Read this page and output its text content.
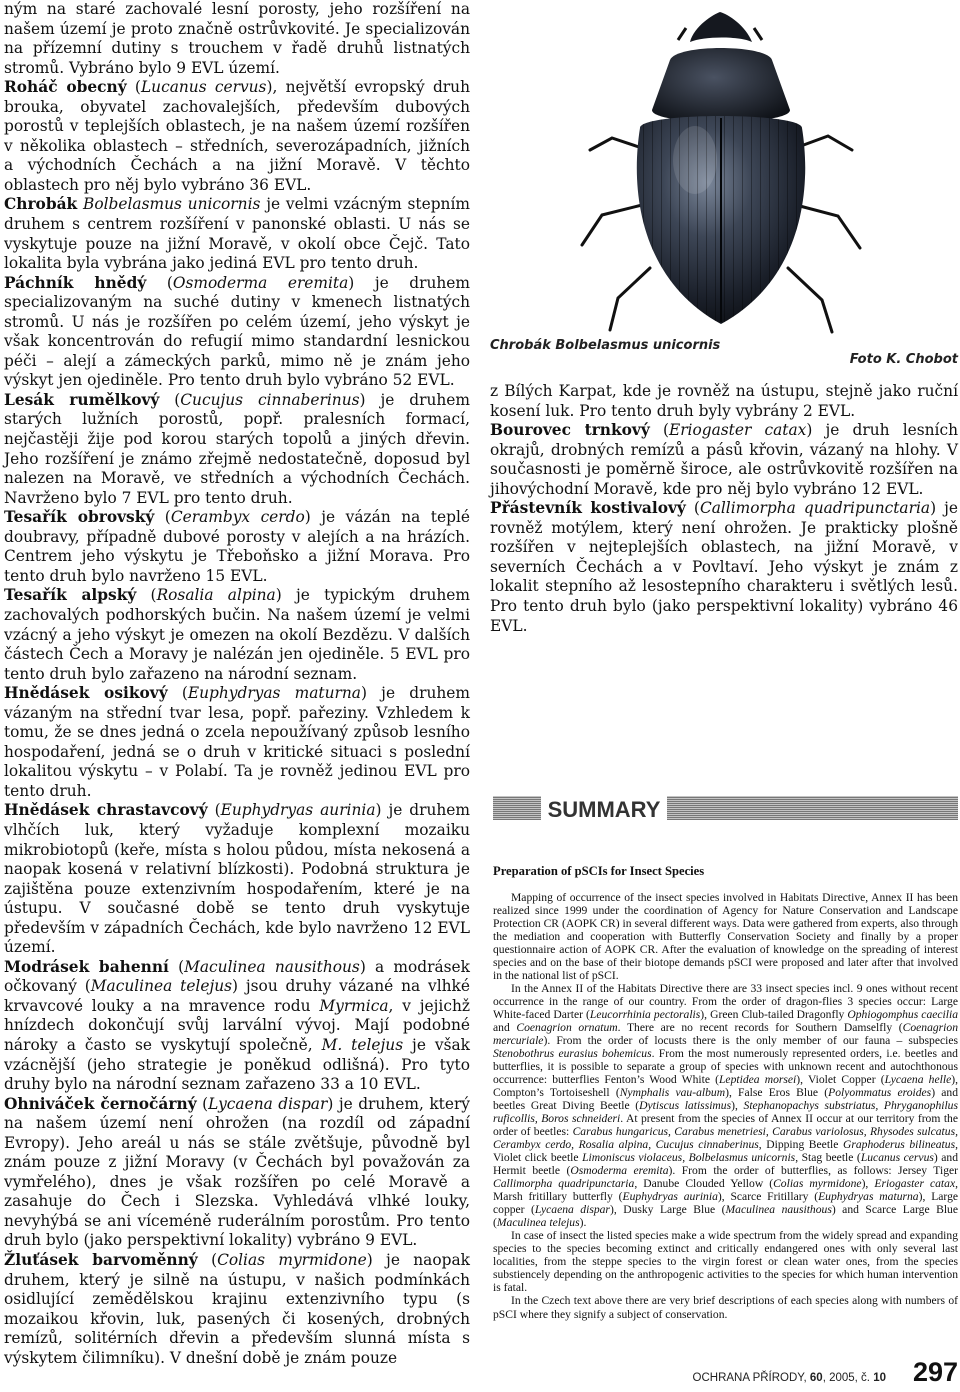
ným na staré zachovalé lesní porosty, jeho rozšíření na našem území je proto značně ostrůvkovité. Je specializován na přízemní dutiny s trouchem v řadě druhů listnatých stromů. Vybráno bylo 9 EVL území.

Roháč obecný (Lucanus cervus), největší evropský druh brouka, obyvatel zachovalejších, především dubových porostů v teplejších oblastech, je na našem území rozšířen v několika oblastech – středních, severozápadních, jižních a východních Čechách a na jižní Moravě. V těchto oblastech pro něj bylo vybráno 36 EVL.

Chrobák Bolbelasmus unicornis je velmi vzácným stepním druhem s centrem rozšíření v panonské oblasti. U nás se vyskytuje pouze na jižní Moravě, v okolí obce Čejč. Tato lokalita byla vybrána jako jediná EVL pro tento druh.

Páchník hnědý (Osmoderma eremita) je druhem specializovaným na suché dutiny v kmenech listnatých stromů. U nás je rozšířen po celém území, jeho výskyt je však koncentrován do refugií mimo standardní lesnickou péči – alejí a zámeckých parků, mimo ně je znám jeho výskyt jen ojediněle. Pro tento druh bylo vybráno 52 EVL.

Lesák rumělkový (Cucujus cinnaberinus) je druhem starých lužních porostů, popř. pralesních formací, nejčastěji žije pod korou starých topolů a jiných dřevin. Jeho rozšíření je známo zřejmě nedostatečně, doposud byl nalezen na Moravě, ve středních a východních Čechách. Navrženo bylo 7 EVL pro tento druh.

Tesařík obrovský (Cerambyx cerdo) je vázán na teplé doubravy, případně dubové porosty v alejích a na hrázích. Centrem jeho výskytu je Třeboňsko a jižní Morava. Pro tento druh bylo navrženo 15 EVL.

Tesařík alpský (Rosalia alpina) je typickým druhem zachovalých podhorských bučin. Na našem území je velmi vzácný a jeho výskyt je omezen na okolí Bezdězu. V dalších částech Čech a Moravy je nalézán jen ojediněle. 5 EVL pro tento druh bylo zařazeno na národní seznam.

Hnědásek osikový (Euphydryas maturna) je druhem vázaným na střední tvar lesa, popř. pařeziny. Vzhledem k tomu, že se dnes jedná o zcela nepoužívaný způsob lesního hospodaření, jedná se o druh v kritické situaci s poslední lokalitou výskytu – v Polabí. Ta je rovněž jedinou EVL pro tento druh.

Hnědásek chrastavcový (Euphydryas aurinia) je druhem vlhčích luk, který vyžaduje komplexní mozaiku mikrobiotopů (keře, místa s holou půdou, místa nekosená a naopak kosená v relativní blízkosti). Podobná struktura je zajištěna pouze extenzivním hospodařením, které je na ústupu. V současné době se tento druh vyskytuje především v západních Čechách, kde bylo navrženo 12 EVL území.

Modrásek bahenní (Maculinea nausithous) a modrásek očkovaný (Maculinea telejus) jsou druhy vázané na vlhké krvavcové louky a na mravence rodu Myrmica, v jejichž hnízdech dokončují svůj larvální vývoj. Mají podobné nároky a často se vyskytují společně, M. telejus je však vzácnější (jeho strategie je poněkud odlišná). Pro tyto druhy bylo na národní seznam zařazeno 33 a 10 EVL.

Ohniváček černočárný (Lycaena dispar) je druhem, který na našem území není ohrožen (na rozdíl od západní Evropy). Jeho areál u nás se stále zvětšuje, původně byl znám pouze z jižní Moravy (v Čechách byl považován za vymřelého), dnes je však rozšířen po celé Moravě a zasahuje do Čech i Slezska. Vyhledává vlhké louky, nevyhýbá se ani víceméně ruderálním porostům. Pro tento druh bylo (jako perspektivní lokality) vybráno 9 EVL.

Žluťásek barvoměnný (Colias myrmidone) je naopak druhem, který je silně na ústupu, v našich podmínkách osidlující zemědělskou krajinu extenzivního typu (s mozaikou křovin, luk, pasených či kosených, drobných remízů, solitérních dřevin a především slunná místa s výskytem čilimníku). V dnešní době je znám pouze

Chrobák Bolbelasmus unicornis
Foto K. Chobot

z Bílých Karpat, kde je rovněž na ústupu, stejně jako ruční kosení luk. Pro tento druh byly vybrány 2 EVL.

Bourovec trnkový (Eriogaster catax) je druh lesních okrajů, drobných remízů a pásů křovin, vázaný na hlohy. V současnosti je poměrně široce, ale ostrůvkovitě rozšířen na jihovýchodní Moravě, kde pro něj bylo vybráno 12 EVL.

Přástevník kostivalový (Callimorpha quadripunctaria) je rovněž motýlem, který není ohrožen. Je prakticky plošně rozšířen v nejteplejších oblastech, na jižní Moravě, v severních Čechách a v Povltaví. Jeho výskyt je znám z lokalit stepního až lesostepního charakteru i světlých lesů. Pro tento druh bylo (jako perspektivní lokality) vybráno 46 EVL.

SUMMARY
Preparation of pSCIs for Insect Species

Mapping of occurrence of the insect species involved in Habitats Directive, Annex II has been realized since 1999 under the coordination of Agency for Nature Conservation and Landscape Protection CR (AOPK CR) in several different ways. Data were gathered from experts, also through the mediation and cooperation with Butterfly Conservation Society and finally by a proper questionnaire action of AOPK CR. After the evaluation of knowledge on the spreading of interest species and on the base of their biotope demands pSCI were proposed and later after that involved in the national list of pSCI.

In the Annex II of the Habitats Directive there are 33 insect species incl. 9 ones without recent occurrence in the range of our country. From the order of dragon-flies 3 species occur: Large White-faced Darter (Leucorrhinia pectoralis), Green Club-tailed Dragonfly Ophiogomphus caecilia and Coenagrion ornatum. There are no recent records for Southern Damselfly (Coenagrion mercuriale). From the order of locusts there is the only member of our fauna – subspecies Stenobothrus eurasius bohemicus. From the most numerously represented orders, i.e. beetles and butterflies, it is possible to separate a group of species with unknown recent and autochthonous occurrence: butterflies Fenton’s Wood White (Leptidea morsei), Violet Copper (Lycaena helle), Compton’s Tortoiseshell (Nymphalis vau-album), False Eros Blue (Polyommatus eroides) and beetles Great Diving Beetle (Dytiscus latissimus), Stephanopachys substriatus, Phryganophilus ruficollis, Boros schneideri. At present from the species of Annex II occur at our territory from the order of beetles: Carabus hungaricus, Carabus menetriesi, Carabus variolosus, Rhysodes sulcatus, Cerambyx cerdo, Rosalia alpina, Cucujus cinnaberinus, Dipping Beetle Graphoderus bilineatus, Violet click beetle Limoniscus violaceus, Bolbelasmus unicornis, Stag beetle (Lucanus cervus) and Hermit beetle (Osmoderma eremita). From the order of butterflies, as follows: Jersey Tiger Callimorpha quadripunctaria, Danube Clouded Yellow (Colias myrmidone), Eriogaster catax, Marsh fritillary butterfly (Euphydryas aurinia), Scarce Fritillary (Euphydryas maturna), Large copper (Lycaena dispar), Dusky Large Blue (Maculinea nausithous) and Scarce Large Blue (Maculinea telejus).

In case of insect the listed species make a wide spectrum from the widely spread and expanding species to the species becoming extinct and critically endangered ones with only several last localities, from the steppe species to the virgin forest or clean water ones, from the species substiencely depending on the anthropogenic activities to the species for which human intervention is fatal.

In the Czech text above there are very brief descriptions of each species along with numbers of pSCI where they signify a subject of conservation.

OCHRANA PŘÍRODY, 60, 2005, č. 10 297
